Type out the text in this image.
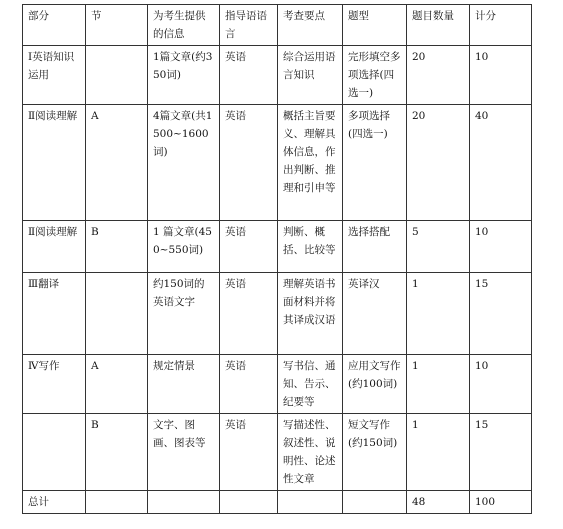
部分	节	为考生提供的信息	指导语语言	考查要点	题型	题目数量	计分
Ⅰ英语知识运用		1篇文章(约350词)	英语	综合运用语言知识	完形填空多项选择(四选一)	20	10
Ⅱ阅读理解	A	4篇文章(共1500~1600词)	英语	概括主旨要义、理解具体信息，作出判断、推理和引申等	多项选择(四选一)	20	40
Ⅱ阅读理解	B	1 篇文章(450~550词)	英语	判断、概括、比较等	选择搭配	5	10
Ⅲ翻译		约150词的英语文字	英语	理解英语书面材料并将其译成汉语	英译汉	1	15
Ⅳ写作	A	规定情景	英语	写书信、通知、告示、纪要等	应用文写作(约100词)	1	10
	B	文字、图画、图表等	英语	写描述性、叙述性、说明性、论述性文章	短文写作(约150词)	1	15
总计						48	100
